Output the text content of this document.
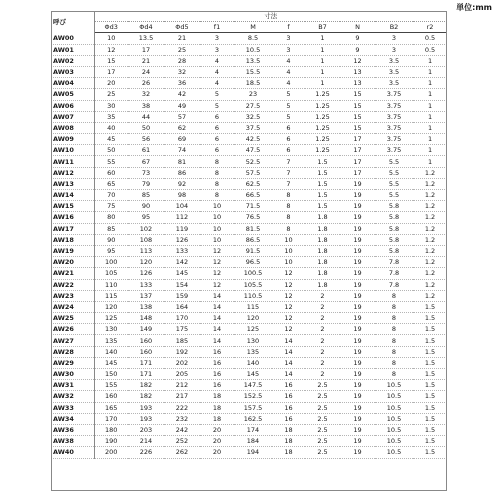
単位:mm
呼び	寸法									
	Φd3	Φd4	Φd5	f1	M	f	B7	N	B2	r2
AW00	10	13.5	21	3	8.5	3	1	9	3	0.5
AW01	12	17	25	3	10.5	3	1	9	3	0.5
AW02	15	21	28	4	13.5	4	1	12	3.5	1
AW03	17	24	32	4	15.5	4	1	13	3.5	1
AW04	20	26	36	4	18.5	4	1	13	3.5	1
AW05	25	32	42	5	23	5	1.25	15	3.75	1
AW06	30	38	49	5	27.5	5	1.25	15	3.75	1
AW07	35	44	57	6	32.5	5	1.25	15	3.75	1
AW08	40	50	62	6	37.5	6	1.25	15	3.75	1
AW09	45	56	69	6	42.5	6	1.25	17	3.75	1
AW10	50	61	74	6	47.5	6	1.25	17	3.75	1
AW11	55	67	81	8	52.5	7	1.5	17	5.5	1
AW12	60	73	86	8	57.5	7	1.5	17	5.5	1.2
AW13	65	79	92	8	62.5	7	1.5	19	5.5	1.2
AW14	70	85	98	8	66.5	8	1.5	19	5.5	1.2
AW15	75	90	104	10	71.5	8	1.5	19	5.8	1.2
AW16	80	95	112	10	76.5	8	1.8	19	5.8	1.2
AW17	85	102	119	10	81.5	8	1.8	19	5.8	1.2
AW18	90	108	126	10	86.5	10	1.8	19	5.8	1.2
AW19	95	113	133	12	91.5	10	1.8	19	5.8	1.2
AW20	100	120	142	12	96.5	10	1.8	19	7.8	1.2
AW21	105	126	145	12	100.5	12	1.8	19	7.8	1.2
AW22	110	133	154	12	105.5	12	1.8	19	7.8	1.2
AW23	115	137	159	14	110.5	12	2	19	8	1.2
AW24	120	138	164	14	115	12	2	19	8	1.5
AW25	125	148	170	14	120	12	2	19	8	1.5
AW26	130	149	175	14	125	12	2	19	8	1.5
AW27	135	160	185	14	130	14	2	19	8	1.5
AW28	140	160	192	16	135	14	2	19	8	1.5
AW29	145	171	202	16	140	14	2	19	8	1.5
AW30	150	171	205	16	145	14	2	19	8	1.5
AW31	155	182	212	16	147.5	16	2.5	19	10.5	1.5
AW32	160	182	217	18	152.5	16	2.5	19	10.5	1.5
AW33	165	193	222	18	157.5	16	2.5	19	10.5	1.5
AW34	170	193	232	18	162.5	16	2.5	19	10.5	1.5
AW36	180	203	242	20	174	18	2.5	19	10.5	1.5
AW38	190	214	252	20	184	18	2.5	19	10.5	1.5
AW40	200	226	262	20	194	18	2.5	19	10.5	1.5
